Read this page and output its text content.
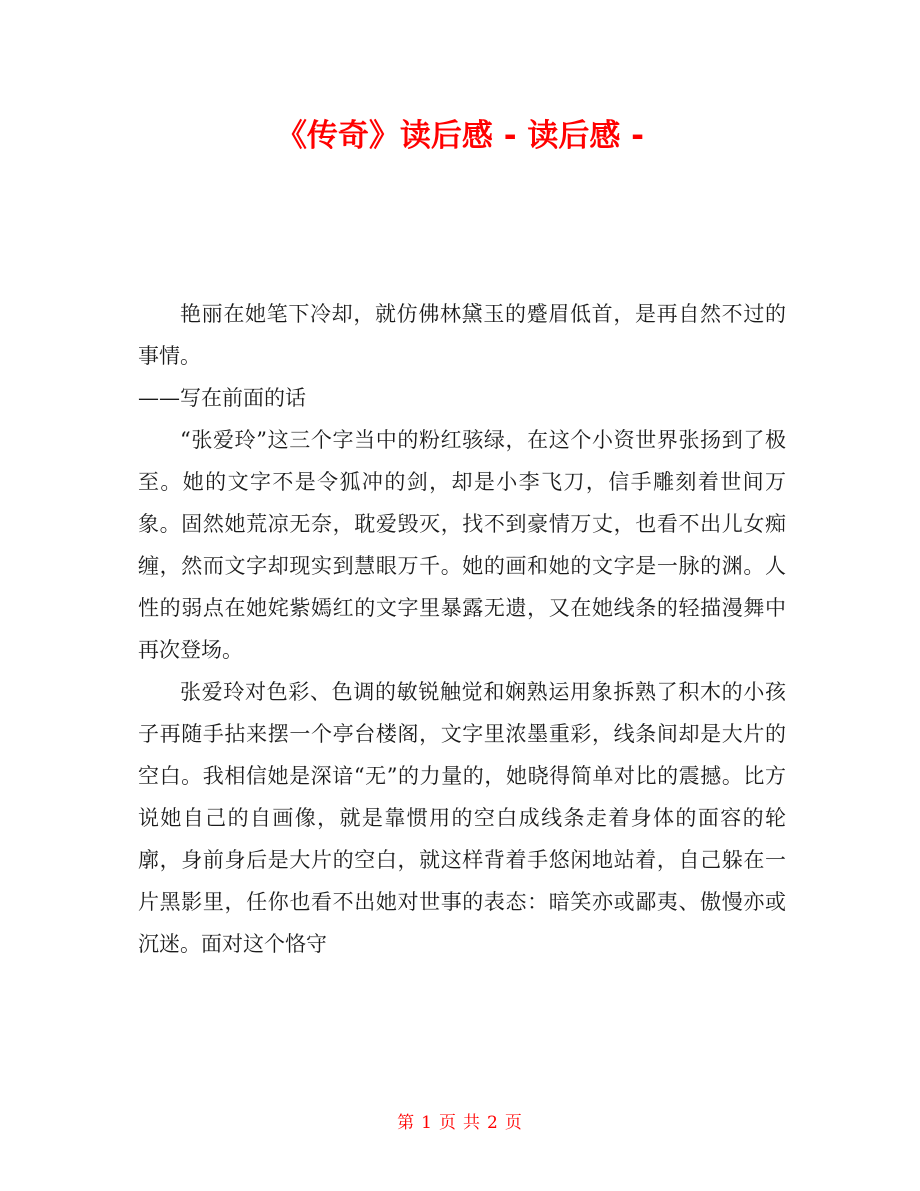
《传奇》读后感 - 读后感 -

艳丽在她笔下冷却，就仿佛林黛玉的蹙眉低首，是再自然不过的事情。

——写在前面的话

“张爱玲”这三个字当中的粉红骇绿，在这个小资世界张扬到了极至。她的文字不是令狐冲的剑，却是小李飞刀，信手雕刻着世间万象。固然她荒凉无奈，耽爱毁灭，找不到豪情万丈，也看不出儿女痴缠，然而文字却现实到慧眼万千。她的画和她的文字是一脉的渊。人性的弱点在她姹紫嫣红的文字里暴露无遗，又在她线条的轻描漫舞中再次登场。

张爱玲对色彩、色调的敏锐触觉和娴熟运用象拆熟了积木的小孩子再随手拈来摆一个亭台楼阁，文字里浓墨重彩，线条间却是大片的空白。我相信她是深谙“无”的力量的，她晓得简单对比的震撼。比方说她自己的自画像，就是靠惯用的空白成线条走着身体的面容的轮廓，身前身后是大片的空白，就这样背着手悠闲地站着，自己躲在一片黑影里，任你也看不出她对世事的表态：暗笑亦或鄙夷、傲慢亦或沉迷。面对这个恪守

第 1 页 共 2 页
